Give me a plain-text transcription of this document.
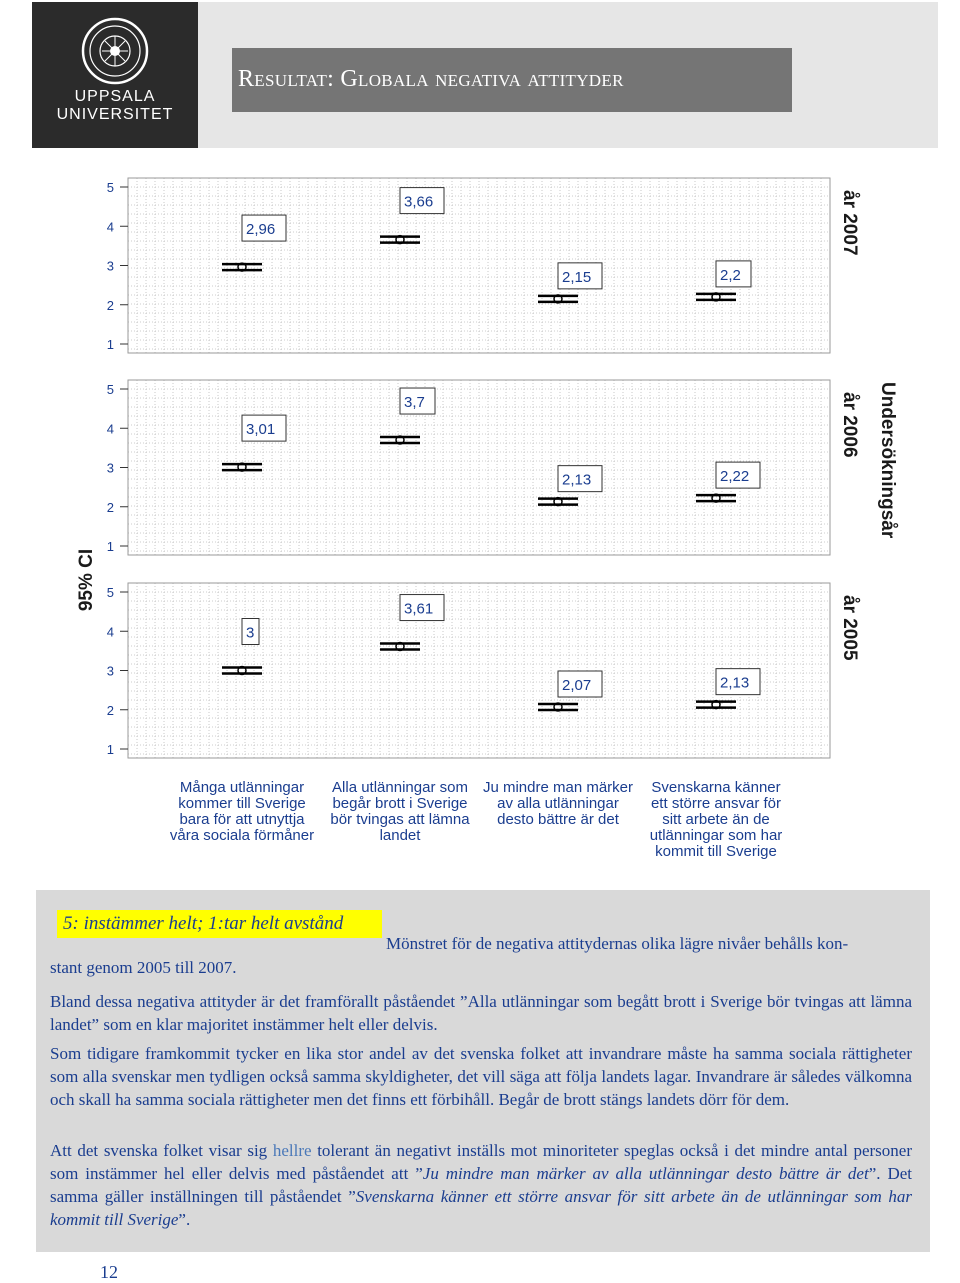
UPPSALA
UNIVERSITET
Resultat: Globala negativa attityder
95% CI
Undersökningsår
1
2
3
4
5
år 2007
2,96
3,66
2,15	2,2
1
2
3
4
5
år 2006
3,01
3,7
2,13	2,22
1
2
3
4
5
år 2005
3
3,61
2,07	2,13
Många utlänningar
kommer till Sverige
bara för att utnyttja
våra sociala förmåner
Alla utlänningar som
begår brott i Sverige
bör tvingas att lämna
landet
Ju mindre man märker
av alla utlänningar
desto bättre är det
Svenskarna känner
ett större ansvar för
sitt arbete än de
utlänningar som har
kommit till Sverige
5: instämmer helt; 1:tar helt avstånd

Mönstret för de negativa attitydernas olika lägre nivåer behålls kon-

stant genom 2005 till 2007.

Bland dessa negativa attityder är det framförallt påståendet ”Alla utlänningar som begått brott i Sverige bör tvingas att lämna landet” som en klar majoritet instämmer helt eller delvis.

Som tidigare framkommit tycker en lika stor andel av det svenska folket att invandrare måste ha samma sociala rättigheter som alla svenskar men tydligen också samma skyldigheter, det vill säga att följa landets lagar. Invandrare är således välkomna och skall ha samma sociala rättigheter men det finns ett förbihåll. Begår de brott stängs landets dörr för dem.

Att det svenska folket visar sig hellre tolerant än negativt inställs mot minoriteter speglas också i det mindre antal personer som instämmer hel eller delvis med påståendet att ”Ju mindre man märker av alla utlänningar desto bättre är det”. Det samma gäller inställningen till påståendet ”Svenskarna känner ett större ansvar för sitt arbete än de utlänningar som har kommit till Sverige”.

12
